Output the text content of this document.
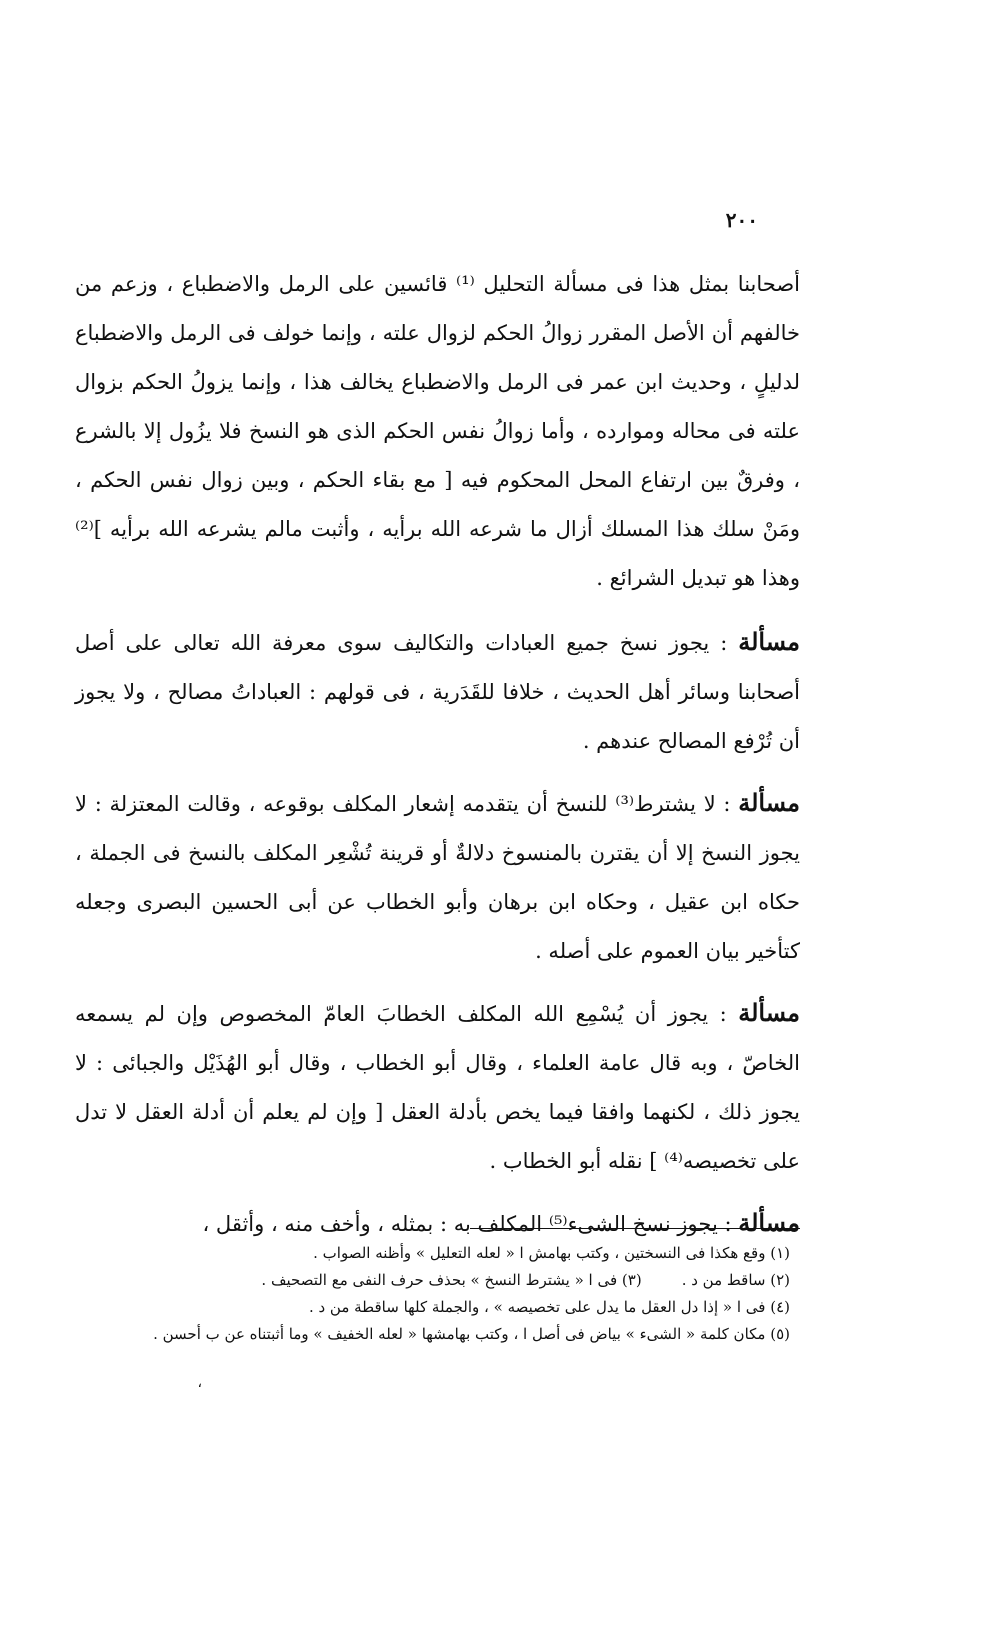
٢٠٠

أصحابنا بمثل هذا فى مسألة التحليل ⁽¹⁾ قائسين على الرمل والاضطباع ، وزعم من خالفهم أن الأصل المقرر زوالُ الحكم لزوال علته ، وإنما خولف فى الرمل والاضطباع لدليلٍ ، وحديث ابن عمر فى الرمل والاضطباع يخالف هذا ، وإنما يزولُ الحكم بزوال علته فى محاله وموارده ، وأما زوالُ نفس الحكم الذى هو النسخ فلا يزُول إلا بالشرع ، وفرقٌ بين ارتفاع المحل المحكوم فيه [ مع بقاء الحكم ، وبين زوال نفس الحكم ، ومَنْ سلك هذا المسلك أزال ما شرعه الله برأيه ، وأثبت مالم يشرعه الله برأيه ]⁽²⁾ وهذا هو تبديل الشرائع .

مسألة : يجوز نسخ جميع العبادات والتكاليف سوى معرفة الله تعالى على أصل أصحابنا وسائر أهل الحديث ، خلافا للقَدَرية ، فى قولهم : العباداتُ مصالح ، ولا يجوز أن تُرْفع المصالح عندهم .

مسألة : لا يشترط⁽³⁾ للنسخ أن يتقدمه إشعار المكلف بوقوعه ، وقالت المعتزلة : لا يجوز النسخ إلا أن يقترن بالمنسوخ دلالةٌ أو قرينة تُشْعِر المكلف بالنسخ فى الجملة ، حكاه ابن عقيل ، وحكاه ابن برهان وأبو الخطاب عن أبى الحسين البصرى وجعله كتأخير بيان العموم على أصله .

مسألة : يجوز أن يُسْمِع الله المكلف الخطابَ العامّ المخصوص وإن لم يسمعه الخاصّ ، وبه قال عامة العلماء ، وقال أبو الخطاب ، وقال أبو الهُذَيْل والجبائى : لا يجوز ذلك ، لكنهما وافقا فيما يخص بأدلة العقل [ وإن لم يعلم أن أدلة العقل لا تدل على تخصيصه⁽⁴⁾ ] نقله أبو الخطاب .

مسألة : يجوز نسخ الشىء⁽⁵⁾ المكلف به : بمثله ، وأخف منه ، وأثقل ،

(١) وقع هكذا فى النسختين ، وكتب بهامش ا « لعله التعليل » وأظنه الصواب .

(٢) ساقط من د .
(٣) فى ا « يشترط النسخ » بحذف حرف النفى مع التصحيف .

(٤) فى ا « إذا دل العقل ما يدل على تخصيصه » ، والجملة كلها ساقطة من د .

(٥) مكان كلمة « الشىء » بياض فى أصل ا ، وكتب بهامشها « لعله الخفيف » وما أثبتناه عن ب أحسن .

،
